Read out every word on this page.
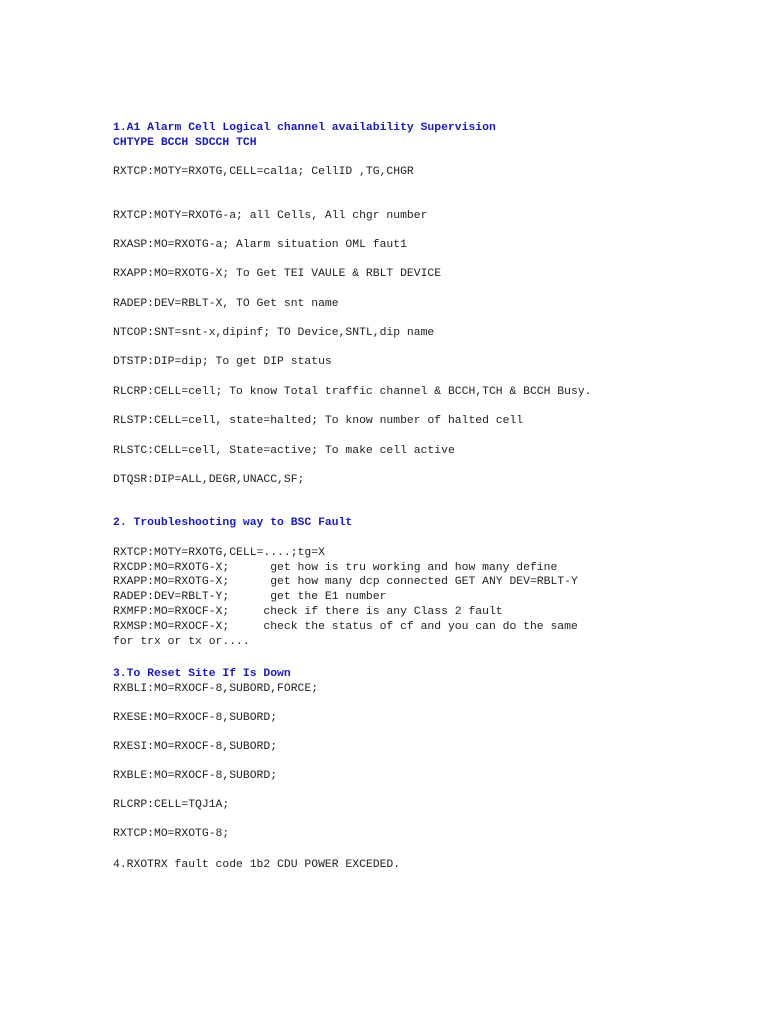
1.A1 Alarm Cell Logical channel availability Supervision

CHTYPE BCCH SDCCH TCH

RXTCP:MOTY=RXOTG,CELL=cal1a; CellID ,TG,CHGR

RXTCP:MOTY=RXOTG-a; all Cells, All chgr number

RXASP:MO=RXOTG-a; Alarm situation OML faut1

RXAPP:MO=RXOTG-X; To Get TEI VAULE & RBLT DEVICE

RADEP:DEV=RBLT-X, TO Get snt name

NTCOP:SNT=snt-x,dipinf; TO Device,SNTL,dip name

DTSTP:DIP=dip; To get DIP status

RLCRP:CELL=cell; To know Total traffic channel & BCCH,TCH & BCCH Busy.

RLSTP:CELL=cell, state=halted; To know number of halted cell

RLSTC:CELL=cell, State=active; To make cell active

DTQSR:DIP=ALL,DEGR,UNACC,SF;

2. Troubleshooting way to BSC Fault

RXTCP:MOTY=RXOTG,CELL=....;tg=X

RXCDP:MO=RXOTG-X;      get how is tru working and how many define

RXAPP:MO=RXOTG-X;      get how many dcp connected GET ANY DEV=RBLT-Y

RADEP:DEV=RBLT-Y;      get the E1 number

RXMFP:MO=RXOCF-X;     check if there is any Class 2 fault

RXMSP:MO=RXOCF-X;     check the status of cf and you can do the same

for trx or tx or....

3.To Reset Site If Is Down

RXBLI:MO=RXOCF-8,SUBORD,FORCE;

RXESE:MO=RXOCF-8,SUBORD;

RXESI:MO=RXOCF-8,SUBORD;

RXBLE:MO=RXOCF-8,SUBORD;

RLCRP:CELL=TQJ1A;

RXTCP:MO=RXOTG-8;

4.RXOTRX fault code 1b2 CDU POWER EXCEDED.
